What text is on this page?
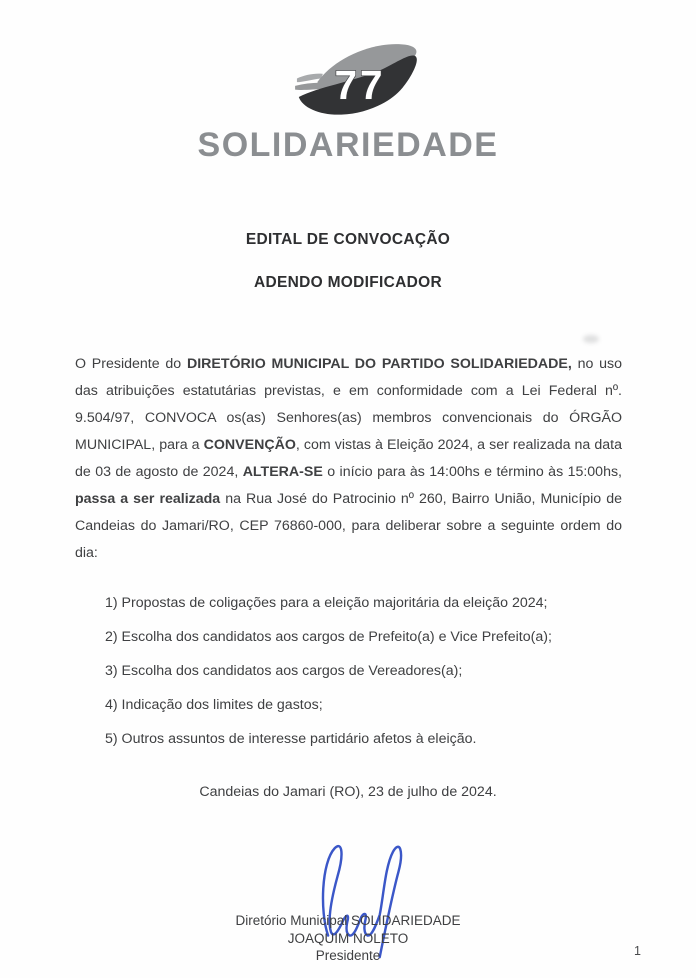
77
SOLIDARIEDADE

EDITAL DE CONVOCAÇÃO

ADENDO MODIFICADOR

O Presidente do DIRETÓRIO MUNICIPAL DO PARTIDO SOLIDARIEDADE, no uso das atribuições estatutárias previstas, e em conformidade com a Lei Federal nº. 9.504/97, CONVOCA os(as) Senhores(as) membros convencionais do ÓRGÃO MUNICIPAL, para a CONVENÇÃO, com vistas à Eleição 2024, a ser realizada na data de 03 de agosto de 2024, ALTERA-SE o início para às 14:00hs e término às 15:00hs, passa a ser realizada na Rua José do Patrocinio nº 260, Bairro União, Município de Candeias do Jamari/RO, CEP 76860-000, para deliberar sobre a seguinte ordem do dia:

1) Propostas de coligações para a eleição majoritária da eleição 2024;
2) Escolha dos candidatos aos cargos de Prefeito(a) e Vice Prefeito(a);
3) Escolha dos candidatos aos cargos de Vereadores(a);
4) Indicação dos limites de gastos;
5) Outros assuntos de interesse partidário afetos à eleição.

Candeias do Jamari (RO), 23 de julho de 2024.

Diretório Municipal SOLIDARIEDADE
JOAQUIM NOLETO
Presidente	1
